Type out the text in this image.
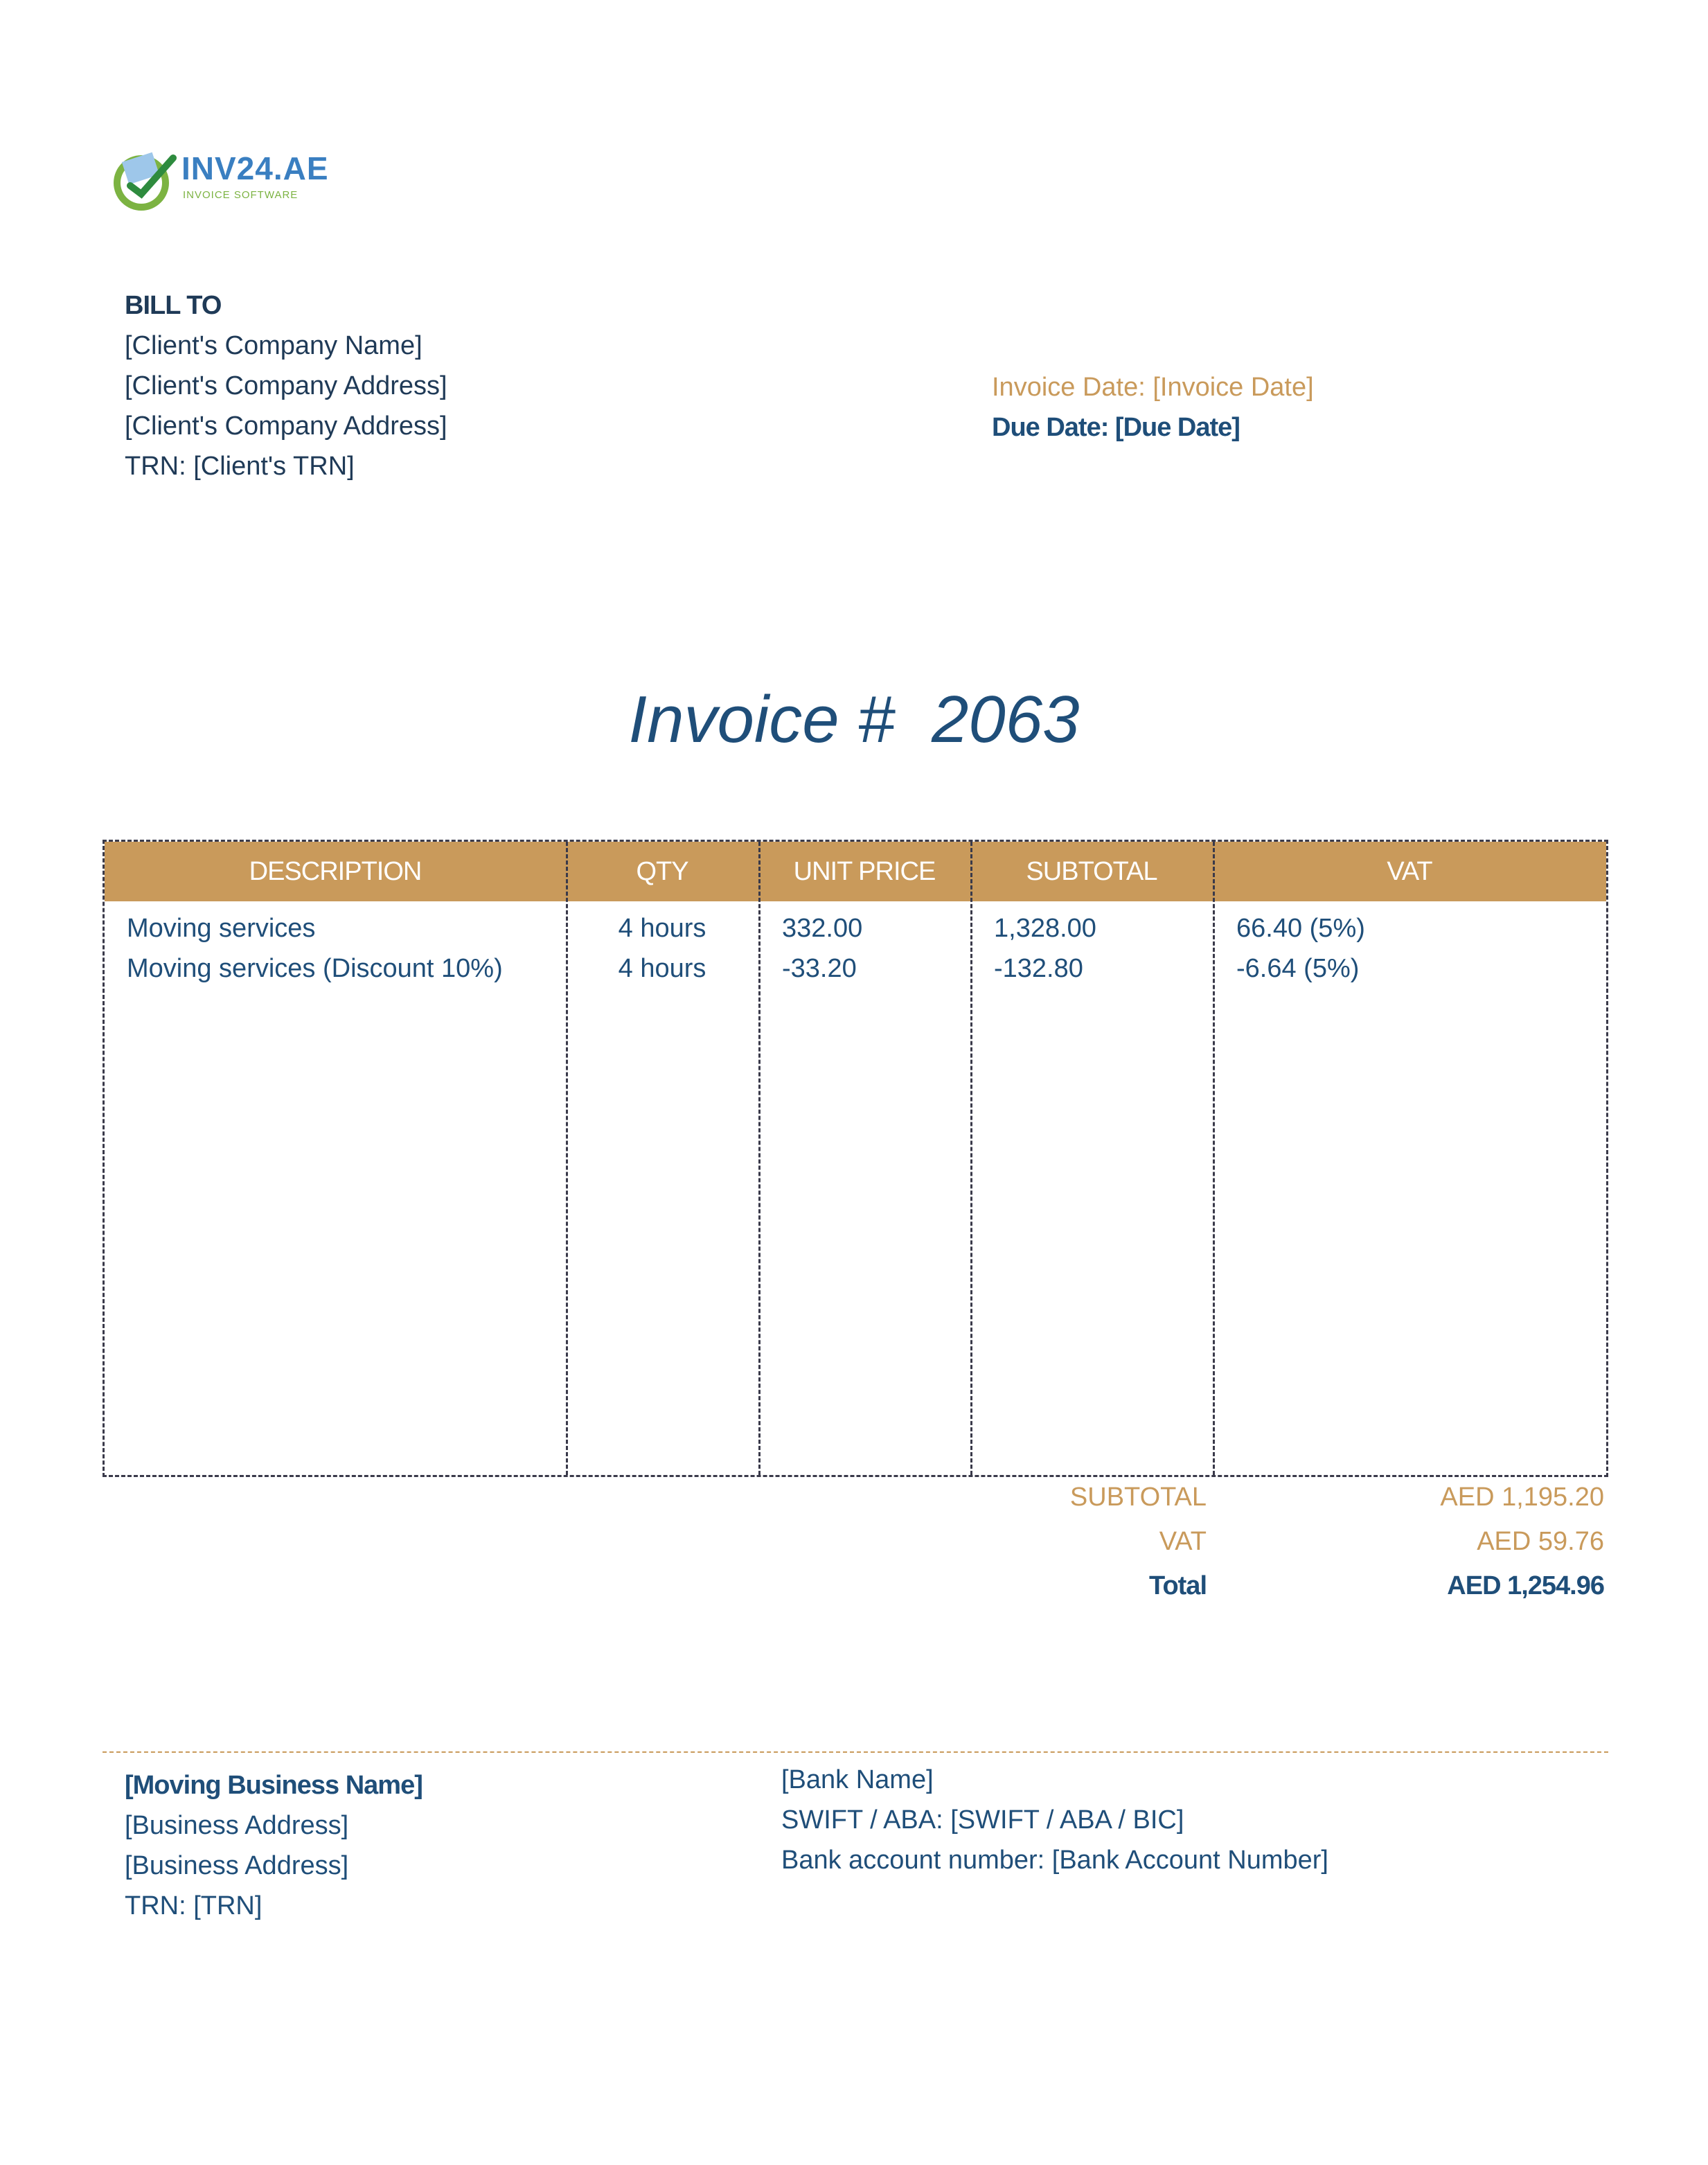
INV24.AE
INVOICE SOFTWARE
BILL TO
[Client's Company Name]
[Client's Company Address]
[Client's Company Address]
TRN: [Client's TRN]
Invoice Date: [Invoice Date]
Due Date: [Due Date]
Invoice #  2063
DESCRIPTION	QTY	UNIT PRICE	SUBTOTAL	VAT
Moving services	4 hours	332.00	1,328.00	66.40 (5%)
Moving services (Discount 10%)	4 hours	-33.20	-132.80	-6.64 (5%)
SUBTOTAL	AED 1,195.20
VAT	AED 59.76
Total	AED 1,254.96
[Moving Business Name]
[Business Address]
[Business Address]
TRN: [TRN]
[Bank Name]
SWIFT / ABA: [SWIFT / ABA / BIC]
Bank account number: [Bank Account Number]
